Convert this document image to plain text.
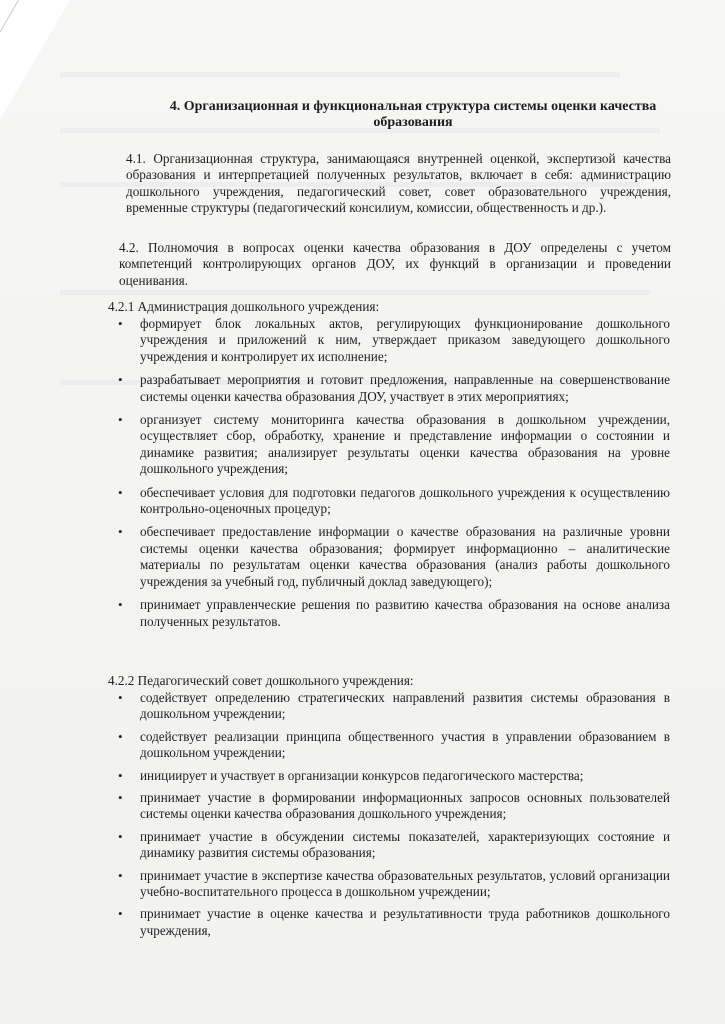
4. Организационная и функциональная структура системы оценки качества образования
4.1. Организационная структура, занимающаяся внутренней оценкой, экспертизой качества образования и интерпретацией полученных результатов, включает в себя: администрацию дошкольного учреждения, педагогический совет, совет образовательного учреждения, временные структуры (педагогический консилиум, комиссии, общественность и др.).
4.2. Полномочия в вопросах оценки качества образования в ДОУ определены с учетом компетенций контролирующих органов ДОУ, их функций в организации и проведении оценивания.
4.2.1 Администрация дошкольного учреждения:
•	формирует блок локальных актов, регулирующих функционирование дошкольного учреждения и приложений к ним, утверждает приказом заведующего дошкольного учреждения и контролирует их исполнение;
•	разрабатывает мероприятия и готовит предложения, направленные на совершенствование системы оценки качества образования ДОУ, участвует в этих мероприятиях;
•	организует систему мониторинга качества образования в дошкольном учреждении, осуществляет сбор, обработку, хранение и представление информации о состоянии и динамике развития; анализирует результаты оценки качества образования на уровне дошкольного учреждения;
•	обеспечивает условия для подготовки педагогов дошкольного учреждения к осуществлению контрольно-оценочных процедур;
•	обеспечивает предоставление информации о качестве образования на различные уровни системы оценки качества образования; формирует информационно – аналитические материалы по результатам оценки качества образования (анализ работы дошкольного учреждения за учебный год, публичный доклад заведующего);
•	принимает управленческие решения по развитию качества образования на основе анализа полученных результатов.
4.2.2 Педагогический совет дошкольного учреждения:
•	содействует определению стратегических направлений развития системы образования в дошкольном учреждении;
•	содействует реализации принципа общественного участия в управлении образованием в дошкольном учреждении;
•	инициирует и участвует в организации конкурсов педагогического мастерства;
•	принимает участие в формировании информационных запросов основных пользователей системы оценки качества образования дошкольного учреждения;
•	принимает участие в обсуждении системы показателей, характеризующих состояние и динамику развития системы образования;
•	принимает участие в экспертизе качества образовательных результатов, условий организации учебно-воспитательного процесса в дошкольном учреждении;
•	принимает участие в оценке качества и результативности труда работников дошкольного учреждения,
